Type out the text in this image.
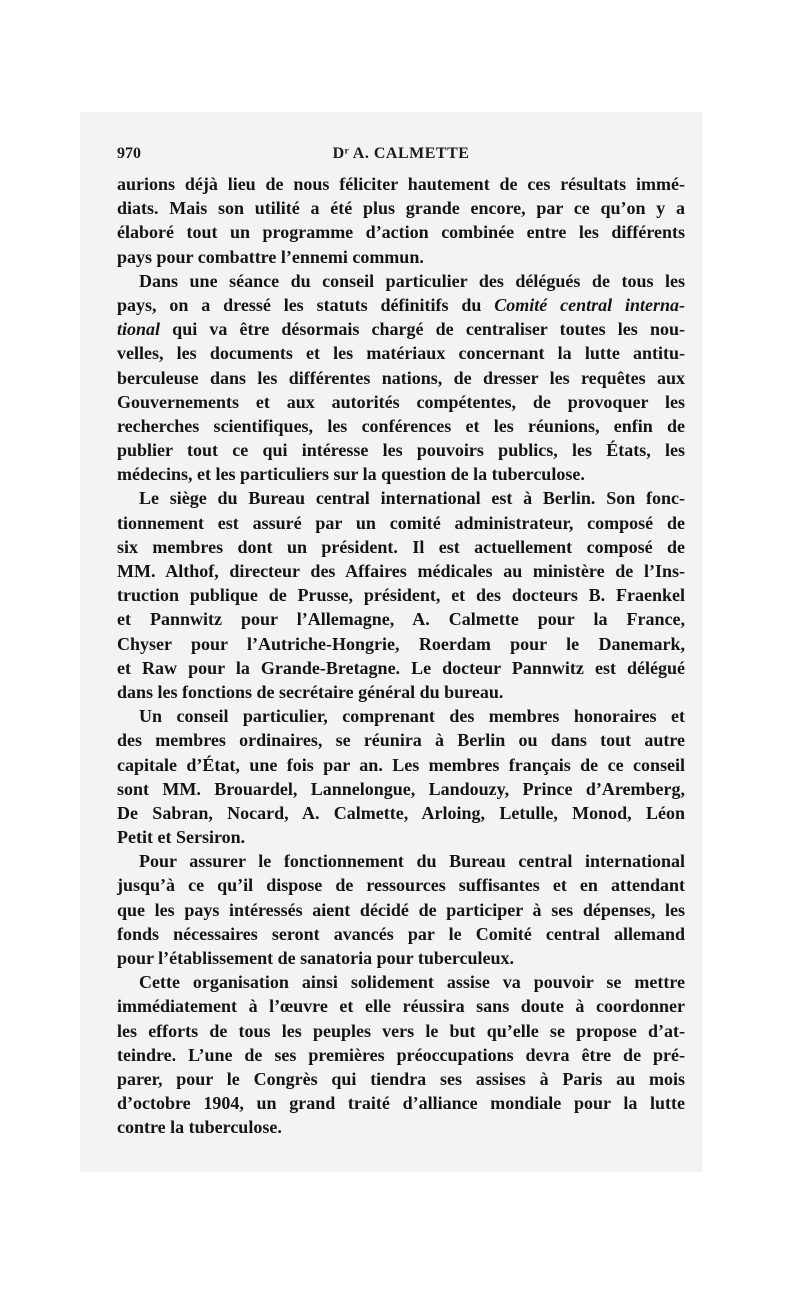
970	Dʳ A. CALMETTE
aurions déjà lieu de nous féliciter hautement de ces résultats immé-
diats. Mais son utilité a été plus grande encore, par ce qu’on y a
élaboré tout un programme d’action combinée entre les différents
pays pour combattre l’ennemi commun.
Dans une séance du conseil particulier des délégués de tous les
pays, on a dressé les statuts définitifs du Comité central interna-
tional qui va être désormais chargé de centraliser toutes les nou-
velles, les documents et les matériaux concernant la lutte antitu-
berculeuse dans les différentes nations, de dresser les requêtes aux
Gouvernements et aux autorités compétentes, de provoquer les
recherches scientifiques, les conférences et les réunions, enfin de
publier tout ce qui intéresse les pouvoirs publics, les États, les
médecins, et les particuliers sur la question de la tuberculose.
Le siège du Bureau central international est à Berlin. Son fonc-
tionnement est assuré par un comité administrateur, composé de
six membres dont un président. Il est actuellement composé de
MM. Althof, directeur des Affaires médicales au ministère de l’Ins-
truction publique de Prusse, président, et des docteurs B. Fraenkel
et Pannwitz pour l’Allemagne, A. Calmette pour la France,
Chyser pour l’Autriche-Hongrie, Roerdam pour le Danemark,
et Raw pour la Grande-Bretagne. Le docteur Pannwitz est délégué
dans les fonctions de secrétaire général du bureau.
Un conseil particulier, comprenant des membres honoraires et
des membres ordinaires, se réunira à Berlin ou dans tout autre
capitale d’État, une fois par an. Les membres français de ce conseil
sont MM. Brouardel, Lannelongue, Landouzy, Prince d’Aremberg,
De Sabran, Nocard, A. Calmette, Arloing, Letulle, Monod, Léon
Petit et Sersiron.
Pour assurer le fonctionnement du Bureau central international
jusqu’à ce qu’il dispose de ressources suffisantes et en attendant
que les pays intéressés aient décidé de participer à ses dépenses, les
fonds nécessaires seront avancés par le Comité central allemand
pour l’établissement de sanatoria pour tuberculeux.
Cette organisation ainsi solidement assise va pouvoir se mettre
immédiatement à l’œuvre et elle réussira sans doute à coordonner
les efforts de tous les peuples vers le but qu’elle se propose d’at-
teindre. L’une de ses premières préoccupations devra être de pré-
parer, pour le Congrès qui tiendra ses assises à Paris au mois
d’octobre 1904, un grand traité d’alliance mondiale pour la lutte
contre la tuberculose.
